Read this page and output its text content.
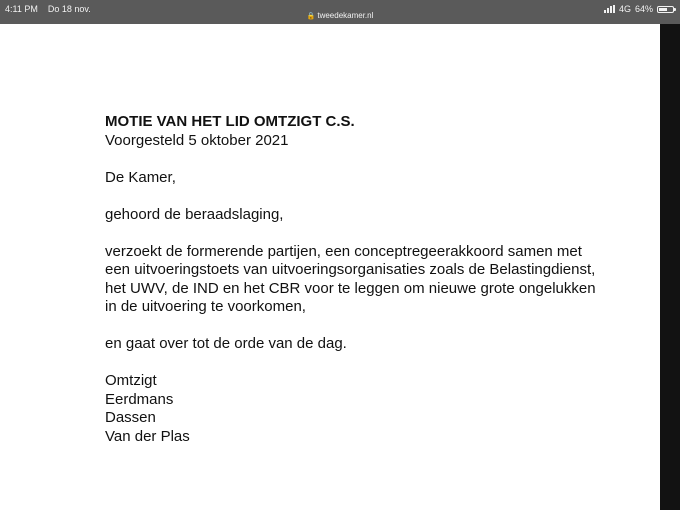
4:11 PM Do 18 nov.
🔒 tweedekamer.nl
4G 64%

MOTIE VAN HET LID OMTZIGT C.S.

Voorgesteld 5 oktober 2021

De Kamer,

gehoord de beraadslaging,

verzoekt de formerende partijen, een conceptregeerakkoord samen met

een uitvoeringstoets van uitvoeringsorganisaties zoals de Belastingdienst,

het UWV, de IND en het CBR voor te leggen om nieuwe grote ongelukken

in de uitvoering te voorkomen,

en gaat over tot de orde van de dag.

Omtzigt

Eerdmans

Dassen

Van der Plas
